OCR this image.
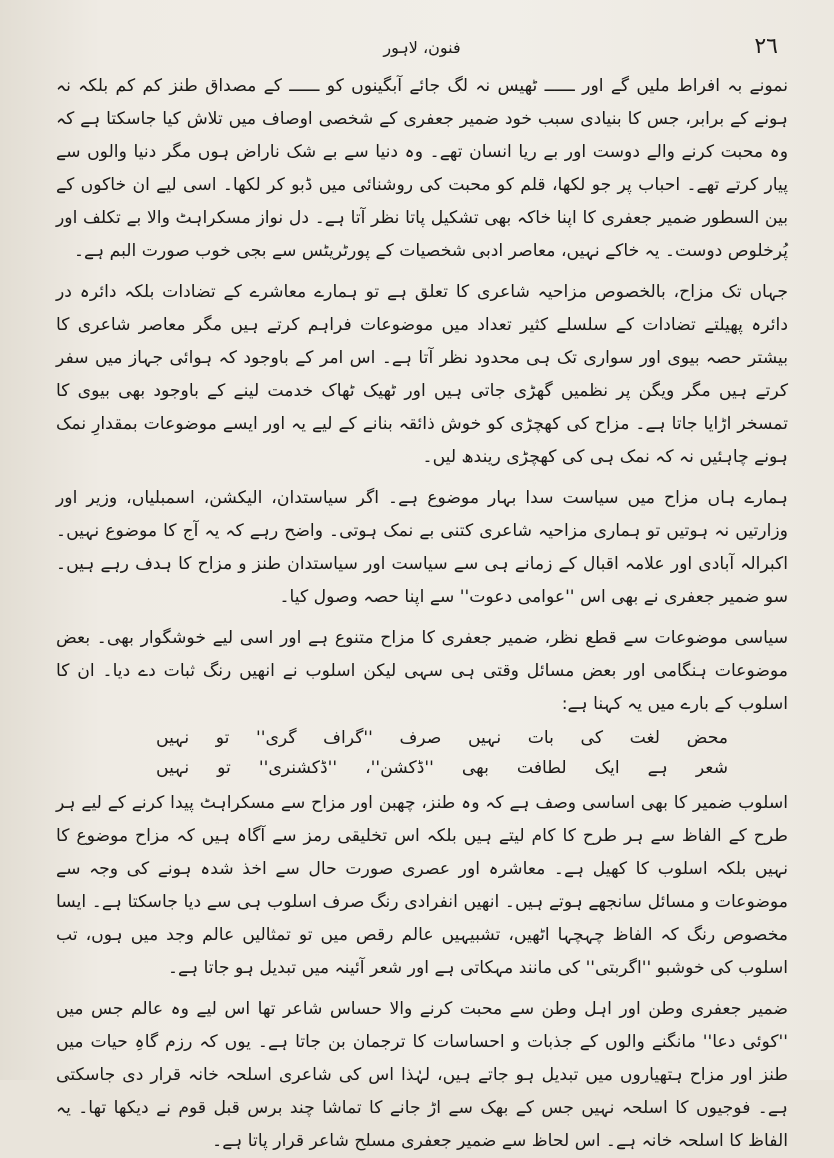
٢٦
فنون، لاہور

نمونے بہ افراط ملیں گے اور ــــــ ٹھیس نہ لگ جائے آبگینوں کو ــــــ کے مصداق طنز کم کم بلکہ نہ ہونے کے برابر، جس کا بنیادی سبب خود ضمیر جعفری کے شخصی اوصاف میں تلاش کیا جاسکتا ہے کہ وہ محبت کرنے والے دوست اور بے ریا انسان تھے۔ وہ دنیا سے بے شک ناراض ہوں مگر دنیا والوں سے پیار کرتے تھے۔ احباب پر جو لکھا، قلم کو محبت کی روشنائی میں ڈبو کر لکھا۔ اسی لیے ان خاکوں کے بین السطور ضمیر جعفری کا اپنا خاکہ بھی تشکیل پاتا نظر آتا ہے۔ دل نواز مسکراہٹ والا بے تکلف اور پُرخلوص دوست۔ یہ خاکے نہیں، معاصر ادبی شخصیات کے پورٹریٹس سے بجی خوب صورت البم ہے۔

جہاں تک مزاح، بالخصوص مزاحیہ شاعری کا تعلق ہے تو ہمارے معاشرے کے تضادات بلکہ دائرہ در دائرہ پھیلتے تضادات کے سلسلے کثیر تعداد میں موضوعات فراہم کرتے ہیں مگر معاصر شاعری کا بیشتر حصہ بیوی اور سواری تک ہی محدود نظر آتا ہے۔ اس امر کے باوجود کہ ہوائی جہاز میں سفر کرتے ہیں مگر ویگن پر نظمیں گھڑی جاتی ہیں اور ٹھیک ٹھاک خدمت لینے کے باوجود بھی بیوی کا تمسخر اڑایا جاتا ہے۔ مزاح کی کھچڑی کو خوش ذائقہ بنانے کے لیے یہ اور ایسے موضوعات بمقدارِ نمک ہونے چاہئیں نہ کہ نمک ہی کی کھچڑی ریندھ لیں۔

ہمارے ہاں مزاح میں سیاست سدا بہار موضوع ہے۔ اگر سیاستدان، الیکشن، اسمبلیاں، وزیر اور وزارتیں نہ ہوتیں تو ہماری مزاحیہ شاعری کتنی بے نمک ہوتی۔ واضح رہے کہ یہ آج کا موضوع نہیں۔ اکبرالہ آبادی اور علامہ اقبال کے زمانے ہی سے سیاست اور سیاستدان طنز و مزاح کا ہدف رہے ہیں۔ سو ضمیر جعفری نے بھی اس ''عوامی دعوت'' سے اپنا حصہ وصول کیا۔

سیاسی موضوعات سے قطع نظر، ضمیر جعفری کا مزاح متنوع ہے اور اسی لیے خوشگوار بھی۔ بعض موضوعات ہنگامی اور بعض مسائل وقتی ہی سہی لیکن اسلوب نے انھیں رنگ ثبات دے دیا۔ ان کا اسلوب کے بارے میں یہ کہنا ہے:

محض لغت کی بات نہیں صرف ''گراف گری'' تو نہیں

شعر ہے ایک لطافت بھی ''ڈکشن''، ''ڈکشنری'' تو نہیں

اسلوب ضمیر کا بھی اساسی وصف ہے کہ وہ طنز، چھبن اور مزاح سے مسکراہٹ پیدا کرنے کے لیے ہر طرح کے الفاظ سے ہر طرح کا کام لیتے ہیں بلکہ اس تخلیقی رمز سے آگاہ ہیں کہ مزاح موضوع کا نہیں بلکہ اسلوب کا کھیل ہے۔ معاشرہ اور عصری صورت حال سے اخذ شدہ ہونے کی وجہ سے موضوعات و مسائل سانجھے ہوتے ہیں۔ انھیں انفرادی رنگ صرف اسلوب ہی سے دیا جاسکتا ہے۔ ایسا مخصوص رنگ کہ الفاظ چہچہا اٹھیں، تشبیہیں عالم رقص میں تو تمثالیں عالم وجد میں ہوں، تب اسلوب کی خوشبو ''اگربتی'' کی مانند مہکاتی ہے اور شعر آئینہ میں تبدیل ہو جاتا ہے۔

ضمیر جعفری وطن اور اہل وطن سے محبت کرنے والا حساس شاعر تھا اس لیے وہ عالم جس میں ''کوئی دعا'' مانگنے والوں کے جذبات و احساسات کا ترجمان بن جاتا ہے۔ یوں کہ رزم گاہِ حیات میں طنز اور مزاح ہتھیاروں میں تبدیل ہو جاتے ہیں، لہٰذا اس کی شاعری اسلحہ خانہ قرار دی جاسکتی ہے۔ فوجیوں کا اسلحہ نہیں جس کے بھک سے اڑ جانے کا تماشا چند برس قبل قوم نے دیکھا تھا۔ یہ الفاظ کا اسلحہ خانہ ہے۔ اس لحاظ سے ضمیر جعفری مسلح شاعر قرار پاتا ہے۔
